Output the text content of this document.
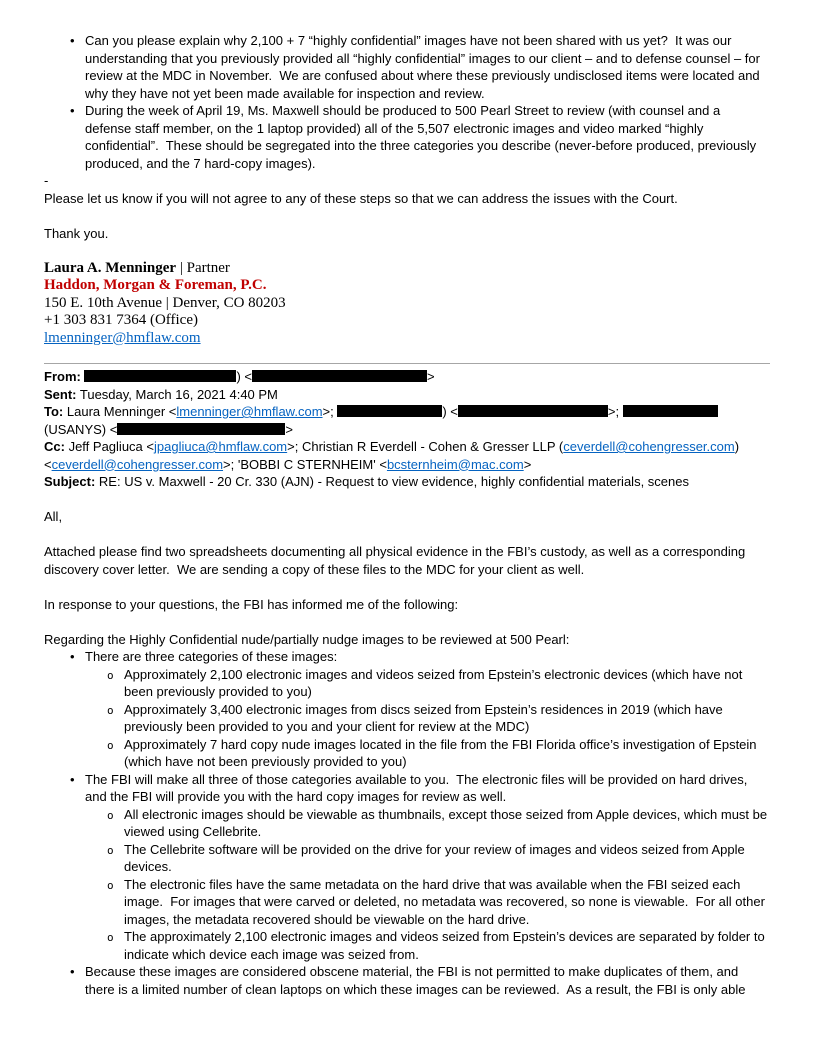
• Can you please explain why 2,100 + 7 “highly confidential” images have not been shared with us yet?  It was our understanding that you previously provided all “highly confidential” images to our client – and to defense counsel – for review at the MDC in November.  We are confused about where these previously undisclosed items were located and why they have not yet been made available for inspection and review.
• During the week of April 19, Ms. Maxwell should be produced to 500 Pearl Street to review (with counsel and a defense staff member, on the 1 laptop provided) all of the 5,507 electronic images and video marked “highly confidential”.  These should be segregated into the three categories you describe (never-before produced, previously produced, and the 7 hard-copy images).

-

Please let us know if you will not agree to any of these steps so that we can address the issues with the Court.

Thank you.

Laura A. Menninger | Partner

Haddon, Morgan & Foreman, P.C.

150 E. 10th Avenue | Denver, CO 80203

+1 303 831 7364 (Office)

lmenninger@hmflaw.com

From:	) <	>

Sent: Tuesday, March 16, 2021 4:40 PM

To: Laura Menninger <lmenninger@hmflaw.com>;	) <	>;
(USANYS) <	>

Cc: Jeff Pagliuca <jpagliuca@hmflaw.com>; Christian R Everdell - Cohen & Gresser LLP (ceverdell@cohengresser.com)
<ceverdell@cohengresser.com>; 'BOBBI C STERNHEIM' <bcsternheim@mac.com>

Subject: RE: US v. Maxwell - 20 Cr. 330 (AJN) - Request to view evidence, highly confidential materials, scenes

All,

Attached please find two spreadsheets documenting all physical evidence in the FBI’s custody, as well as a corresponding discovery cover letter.  We are sending a copy of these files to the MDC for your client as well.

In response to your questions, the FBI has informed me of the following:

Regarding the Highly Confidential nude/partially nudge images to be reviewed at 500 Pearl:

• There are three categories of these images:
o Approximately 2,100 electronic images and videos seized from Epstein’s electronic devices (which have not been previously provided to you)
o Approximately 3,400 electronic images from discs seized from Epstein’s residences in 2019 (which have previously been provided to you and your client for review at the MDC)
o Approximately 7 hard copy nude images located in the file from the FBI Florida office’s investigation of Epstein (which have not been previously provided to you)
• The FBI will make all three of those categories available to you.  The electronic files will be provided on hard drives, and the FBI will provide you with the hard copy images for review as well.
o All electronic images should be viewable as thumbnails, except those seized from Apple devices, which must be viewed using Cellebrite.
o The Cellebrite software will be provided on the drive for your review of images and videos seized from Apple devices.
o The electronic files have the same metadata on the hard drive that was available when the FBI seized each image.  For images that were carved or deleted, no metadata was recovered, so none is viewable.  For all other images, the metadata recovered should be viewable on the hard drive.
o The approximately 2,100 electronic images and videos seized from Epstein’s devices are separated by folder to indicate which device each image was seized from.
• Because these images are considered obscene material, the FBI is not permitted to make duplicates of them, and there is a limited number of clean laptops on which these images can be reviewed.  As a result, the FBI is only able
